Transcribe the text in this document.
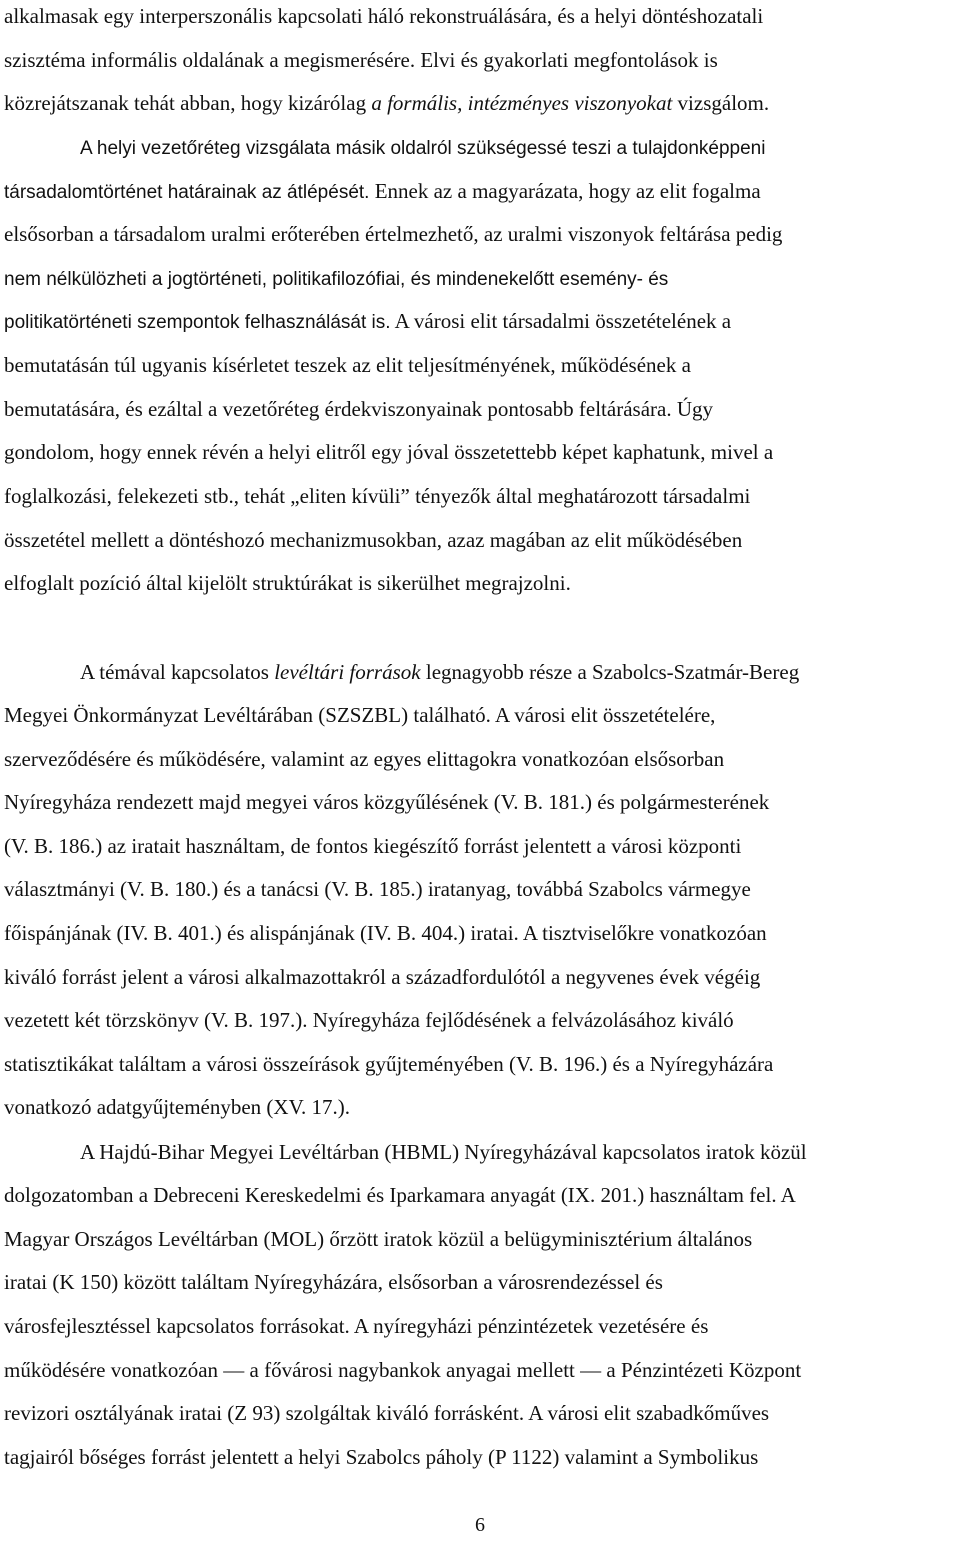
alkalmasak egy interperszonális kapcsolati háló rekonstruálására, és a helyi döntéshozatali
szisztéma informális oldalának a megismerésére. Elvi és gyakorlati megfontolások is
közrejátszanak tehát abban, hogy kizárólag a formális, intézményes viszonyokat vizsgálom.
A helyi vezetőréteg vizsgálata másik oldalról szükségessé teszi a tulajdonképpeni
társadalomtörténet határainak az átlépését. Ennek az a magyarázata, hogy az elit fogalma
elsősorban a társadalom uralmi erőterében értelmezhető, az uralmi viszonyok feltárása pedig
nem nélkülözheti a jogtörténeti, politikafilozófiai, és mindenekelőtt esemény- és
politikatörténeti szempontok felhasználását is. A városi elit társadalmi összetételének a
bemutatásán túl ugyanis kísérletet teszek az elit teljesítményének, működésének a
bemutatására, és ezáltal a vezetőréteg érdekviszonyainak pontosabb feltárására. Úgy
gondolom, hogy ennek révén a helyi elitről egy jóval összetettebb képet kaphatunk, mivel a
foglalkozási, felekezeti stb., tehát „eliten kívüli” tényezők által meghatározott társadalmi
összetétel mellett a döntéshozó mechanizmusokban, azaz magában az elit működésében
elfoglalt pozíció által kijelölt struktúrákat is sikerülhet megrajzolni.
A témával kapcsolatos levéltári források legnagyobb része a Szabolcs-Szatmár-Bereg
Megyei Önkormányzat Levéltárában (SZSZBL) található. A városi elit összetételére,
szerveződésére és működésére, valamint az egyes elittagokra vonatkozóan elsősorban
Nyíregyháza rendezett majd megyei város közgyűlésének (V. B. 181.) és polgármesterének
(V. B. 186.) az iratait használtam, de fontos kiegészítő forrást jelentett a városi központi
választmányi (V. B. 180.) és a tanácsi (V. B. 185.) iratanyag, továbbá Szabolcs vármegye
főispánjának (IV. B. 401.) és alispánjának (IV. B. 404.) iratai. A tisztviselőkre vonatkozóan
kiváló forrást jelent a városi alkalmazottakról a századfordulótól a negyvenes évek végéig
vezetett két törzskönyv (V. B. 197.). Nyíregyháza fejlődésének a felvázolásához kiváló
statisztikákat találtam a városi összeírások gyűjteményében (V. B. 196.) és a Nyíregyházára
vonatkozó adatgyűjteményben (XV. 17.).
A Hajdú-Bihar Megyei Levéltárban (HBML) Nyíregyházával kapcsolatos iratok közül
dolgozatomban a Debreceni Kereskedelmi és Iparkamara anyagát (IX. 201.) használtam fel. A
Magyar Országos Levéltárban (MOL) őrzött iratok közül a belügyminisztérium általános
iratai (K 150) között találtam Nyíregyházára, elsősorban a városrendezéssel és
városfejlesztéssel kapcsolatos forrásokat. A nyíregyházi pénzintézetek vezetésére és
működésére vonatkozóan — a fővárosi nagybankok anyagai mellett — a Pénzintézeti Központ
revizori osztályának iratai (Z 93) szolgáltak kiváló forrásként. A városi elit szabadkőműves
tagjairól bőséges forrást jelentett a helyi Szabolcs páholy (P 1122) valamint a Symbolikus
6
